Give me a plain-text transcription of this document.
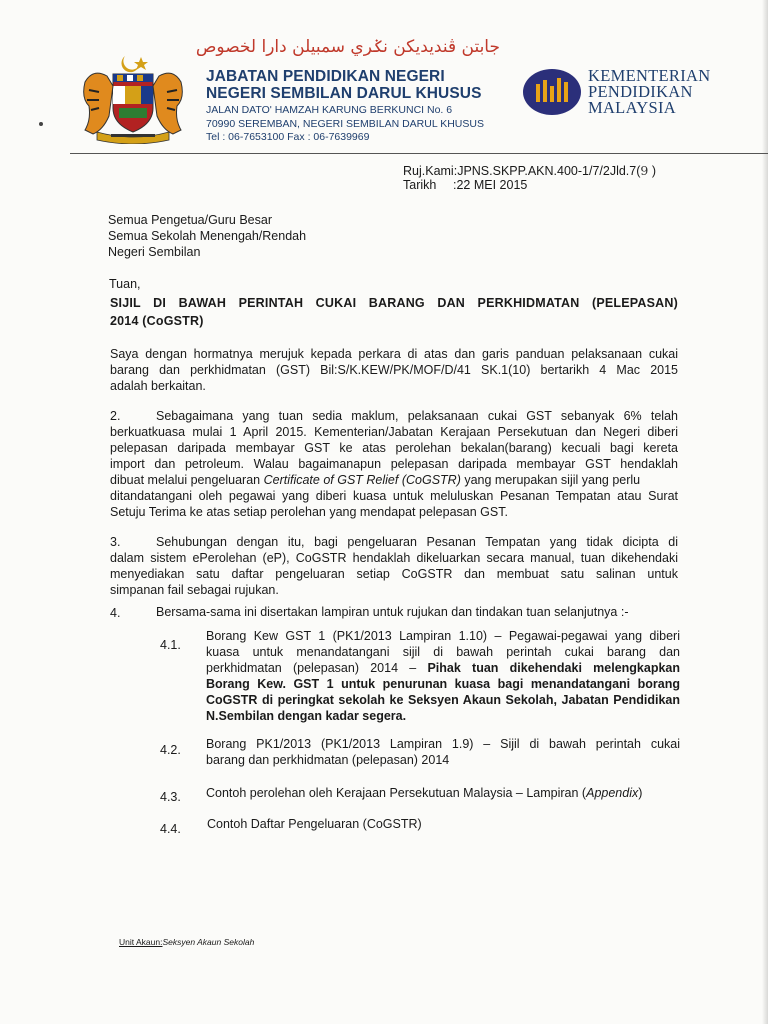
جابتن ڤنديديکن نݢري سمبيلن دارا لخصوص
JABATAN PENDIDIKAN NEGERI
NEGERI SEMBILAN DARUL KHUSUS
JALAN DATO' HAMZAH KARUNG BERKUNCI No. 6
70990 SEREMBAN, NEGERI SEMBILAN DARUL KHUSUS
Tel : 06-7653100 Fax : 06-7639969
KEMENTERIAN
PENDIDIKAN
MALAYSIA
Ruj.Kami:JPNS.SKPP.AKN.400-1/7/2Jld.7(9 )
Tarikh :22 MEI 2015
Semua Pengetua/Guru Besar
Semua Sekolah Menengah/Rendah
Negeri Sembilan
Tuan,
SIJIL DI BAWAH PERINTAH CUKAI BARANG DAN PERKHIDMATAN (PELEPASAN)
2014 (CoGSTR)
Saya dengan hormatnya merujuk kepada perkara di atas dan garis panduan pelaksanaan cukai
barang dan perkhidmatan (GST) Bil:S/K.KEW/PK/MOF/D/41 SK.1(10) bertarikh 4 Mac 2015
adalah berkaitan.
2.	Sebagaimana yang tuan sedia maklum, pelaksanaan cukai GST sebanyak 6% telah
berkuatkuasa mulai 1 April 2015. Kementerian/Jabatan Kerajaan Persekutuan dan Negeri diberi
pelepasan daripada membayar GST ke atas perolehan bekalan(barang) kecuali bagi kereta
import dan petroleum. Walau bagaimanapun pelepasan daripada membayar GST hendaklah
dibuat melalui pengeluaran Certificate of GST Relief (CoGSTR) yang merupakan sijil yang perlu
ditandatangani oleh pegawai yang diberi kuasa untuk meluluskan Pesanan Tempatan atau Surat
Setuju Terima ke atas setiap perolehan yang mendapat pelepasan GST.
3.	Sehubungan dengan itu, bagi pengeluaran Pesanan Tempatan yang tidak dicipta di
dalam sistem ePerolehan (eP), CoGSTR hendaklah dikeluarkan secara manual, tuan dikehendaki
menyediakan satu daftar pengeluaran setiap CoGSTR dan membuat satu salinan untuk
simpanan fail sebagai rujukan.
4.	Bersama-sama ini disertakan lampiran untuk rujukan dan tindakan tuan selanjutnya :-
4.1.
Borang Kew GST 1 (PK1/2013 Lampiran 1.10) – Pegawai-pegawai yang diberi
kuasa untuk menandatangani sijil di bawah perintah cukai barang dan
perkhidmatan (pelepasan) 2014 – Pihak tuan dikehendaki melengkapkan
Borang Kew. GST 1 untuk penurunan kuasa bagi menandatangani borang
CoGSTR di peringkat sekolah ke Seksyen Akaun Sekolah, Jabatan Pendidikan
N.Sembilan dengan kadar segera.
4.2. Borang PK1/2013 (PK1/2013 Lampiran 1.9) – Sijil di bawah perintah cukai
barang dan perkhidmatan (pelepasan) 2014
4.3. Contoh perolehan oleh Kerajaan Persekutuan Malaysia – Lampiran (Appendix)
4.4. Contoh Daftar Pengeluaran (CoGSTR)
Unit Akaun:Seksyen Akaun Sekolah
